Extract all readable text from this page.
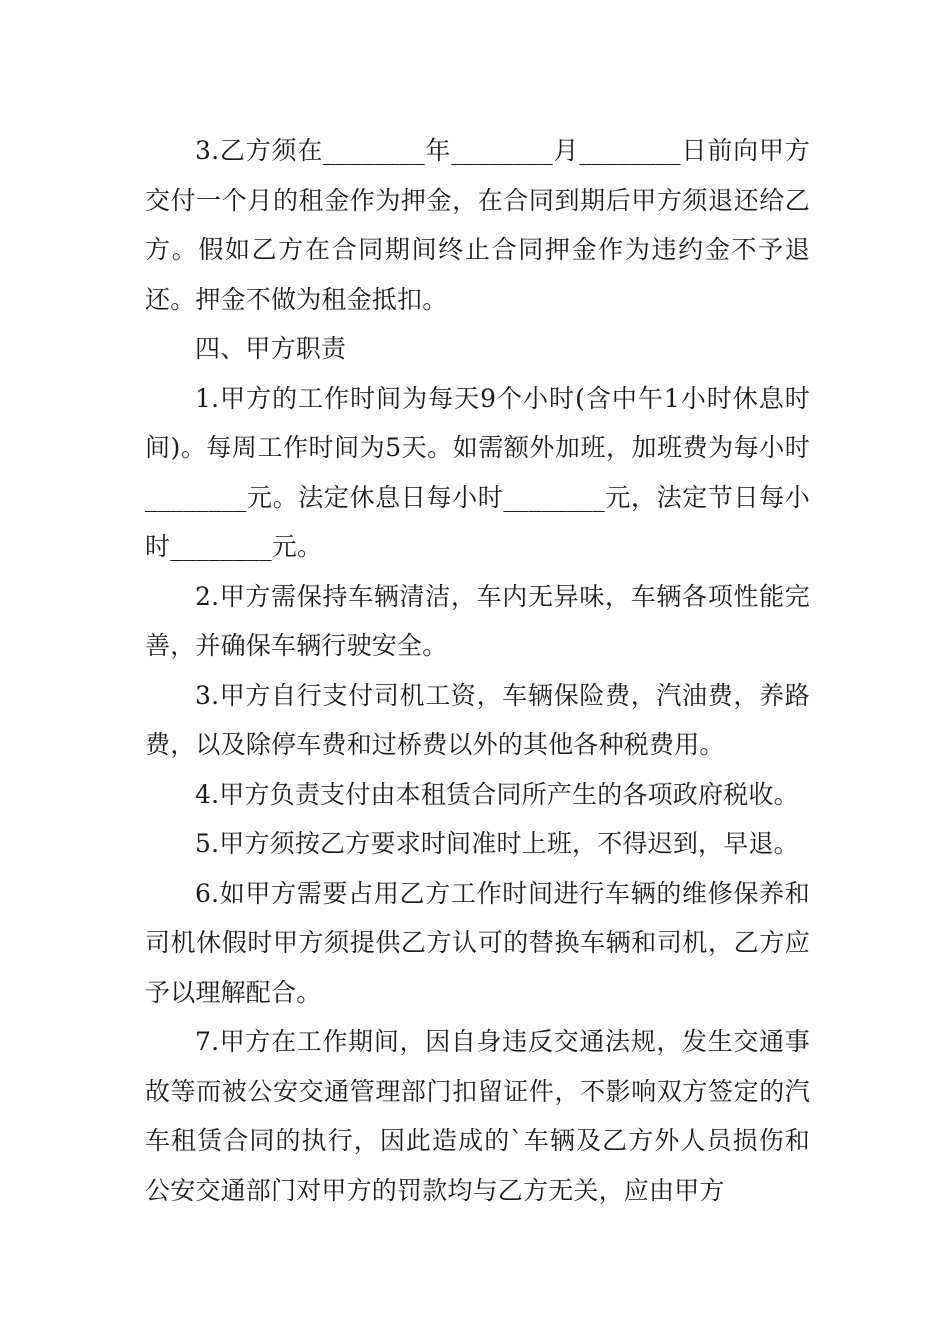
3.乙方须在________年________月________日前向甲方交付一个月的租金作为押金，在合同到期后甲方须退还给乙方。假如乙方在合同期间终止合同押金作为违约金不予退还。押金不做为租金抵扣。

四、甲方职责

1.甲方的工作时间为每天9个小时(含中午1小时休息时间)。每周工作时间为5天。如需额外加班，加班费为每小时________元。法定休息日每小时________元，法定节日每小时________元。

2.甲方需保持车辆清洁，车内无异味，车辆各项性能完善，并确保车辆行驶安全。

3.甲方自行支付司机工资，车辆保险费，汽油费，养路费，以及除停车费和过桥费以外的其他各种税费用。

4.甲方负责支付由本租赁合同所产生的各项政府税收。

5.甲方须按乙方要求时间准时上班，不得迟到，早退。

6.如甲方需要占用乙方工作时间进行车辆的维修保养和司机休假时甲方须提供乙方认可的替换车辆和司机，乙方应予以理解配合。

7.甲方在工作期间，因自身违反交通法规，发生交通事故等而被公安交通管理部门扣留证件，不影响双方签定的汽车租赁合同的执行，因此造成的`车辆及乙方外人员损伤和公安交通部门对甲方的罚款均与乙方无关，应由甲方
